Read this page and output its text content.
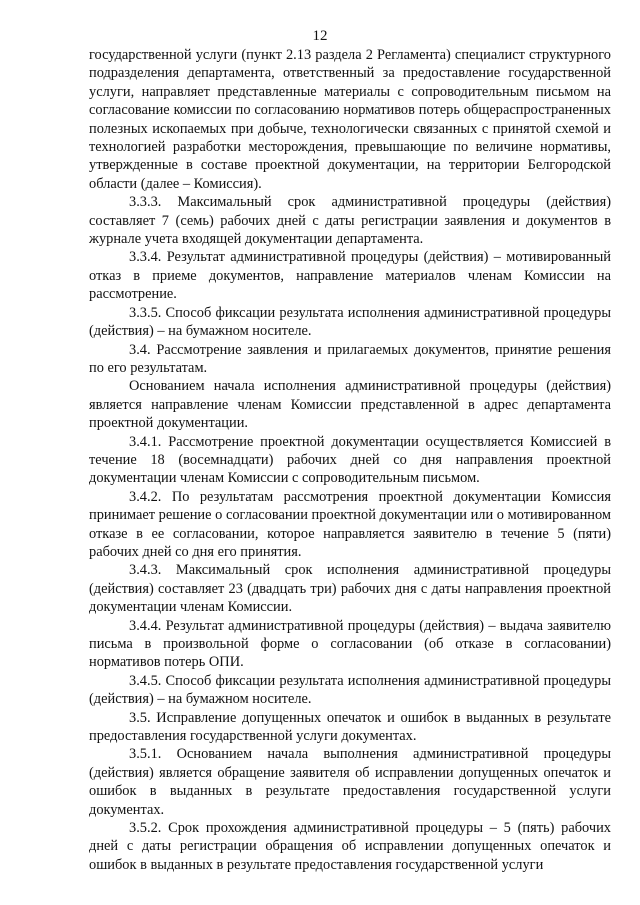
12

государственной услуги (пункт 2.13 раздела 2 Регламента) специалист структурного подразделения департамента, ответственный за предоставление государственной услуги, направляет представленные материалы с сопроводительным письмом на согласование комиссии по согласованию нормативов потерь общераспространенных полезных ископаемых при добыче, технологически связанных с принятой схемой и технологией разработки месторождения, превышающие по величине нормативы, утвержденные в составе проектной документации, на территории Белгородской области (далее – Комиссия).

3.3.3. Максимальный срок административной процедуры (действия) составляет 7 (семь) рабочих дней с даты регистрации заявления и документов в журнале учета входящей документации департамента.

3.3.4. Результат административной процедуры (действия) – мотивированный отказ в приеме документов, направление материалов членам Комиссии на рассмотрение.

3.3.5. Способ фиксации результата исполнения административной процедуры (действия) – на бумажном носителе.

3.4. Рассмотрение заявления и прилагаемых документов, принятие решения по его результатам.

Основанием начала исполнения административной процедуры (действия) является направление членам Комиссии представленной в адрес департамента проектной документации.

3.4.1. Рассмотрение проектной документации осуществляется Комиссией в течение 18 (восемнадцати) рабочих дней со дня направления проектной документации членам Комиссии с сопроводительным письмом.

3.4.2. По результатам рассмотрения проектной документации Комиссия принимает решение о согласовании проектной документации или о мотивированном отказе в ее согласовании, которое направляется заявителю в течение 5 (пяти) рабочих дней со дня его принятия.

3.4.3. Максимальный срок исполнения административной процедуры (действия) составляет 23 (двадцать три) рабочих дня с даты направления проектной документации членам Комиссии.

3.4.4. Результат административной процедуры (действия) – выдача заявителю письма в произвольной форме о согласовании (об отказе в согласовании) нормативов потерь ОПИ.

3.4.5. Способ фиксации результата исполнения административной процедуры (действия) – на бумажном носителе.

3.5. Исправление допущенных опечаток и ошибок в выданных в результате предоставления государственной услуги документах.

3.5.1. Основанием начала выполнения административной процедуры (действия) является обращение заявителя об исправлении допущенных опечаток и ошибок в выданных в результате предоставления государственной услуги документах.

3.5.2. Срок прохождения административной процедуры – 5 (пять) рабочих дней с даты регистрации обращения об исправлении допущенных опечаток и ошибок в выданных в результате предоставления государственной услуги
